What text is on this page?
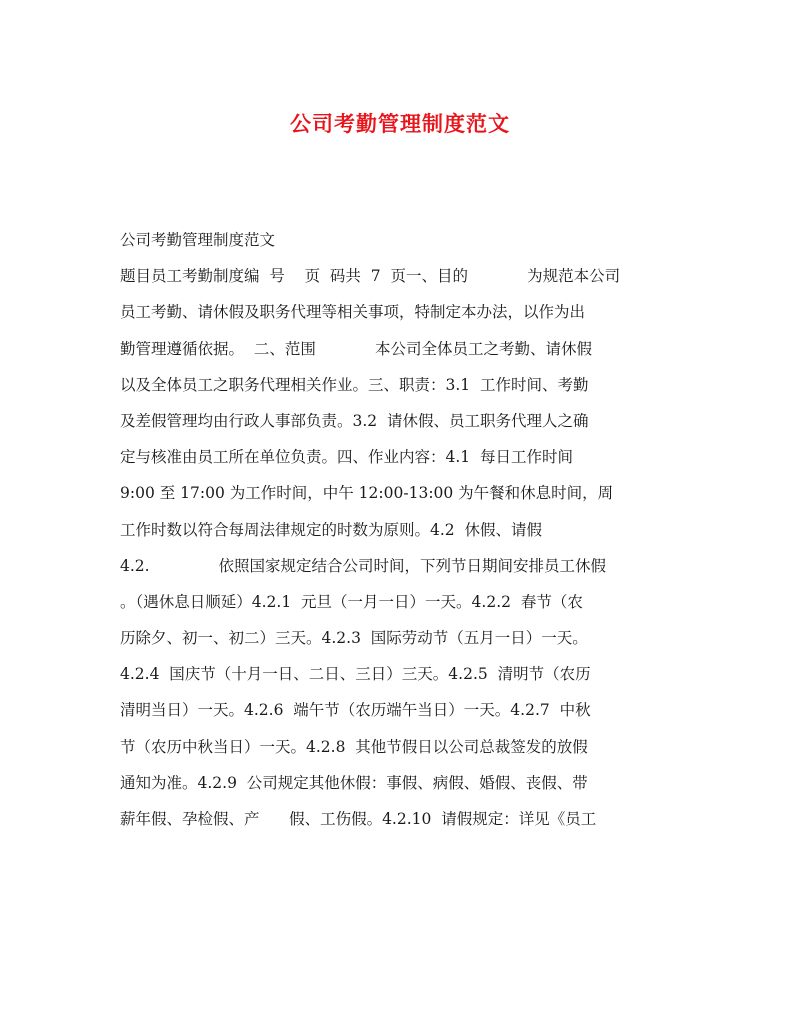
公司考勤管理制度范文
公司考勤管理制度范文
题目员工考勤制度编  号    页  码共  7  页一、目的            为规范本公司
员工考勤、请休假及职务代理等相关事项，特制定本办法，以作为出
勤管理遵循依据。  二、范围            本公司全体员工之考勤、请休假
以及全体员工之职务代理相关作业。三、职责：3.1  工作时间、考勤
及差假管理均由行政人事部负责。3.2  请休假、员工职务代理人之确
定与核准由员工所在单位负责。四、作业内容：4.1  每日工作时间
9:00 至 17:00 为工作时间，中午 12:00-13:00 为午餐和休息时间，周
工作时数以符合每周法律规定的时数为原则。4.2  休假、请假
4.2.              依照国家规定结合公司时间，下列节日期间安排员工休假
。（遇休息日顺延）4.2.1  元旦（一月一日）一天。4.2.2  春节（农
历除夕、初一、初二）三天。4.2.3  国际劳动节（五月一日）一天。
4.2.4  国庆节（十月一日、二日、三日）三天。4.2.5  清明节（农历
清明当日）一天。4.2.6  端午节（农历端午当日）一天。4.2.7  中秋
节（农历中秋当日）一天。4.2.8  其他节假日以公司总裁签发的放假
通知为准。4.2.9  公司规定其他休假：事假、病假、婚假、丧假、带
薪年假、孕检假、产      假、工伤假。4.2.10  请假规定：详见《员工
